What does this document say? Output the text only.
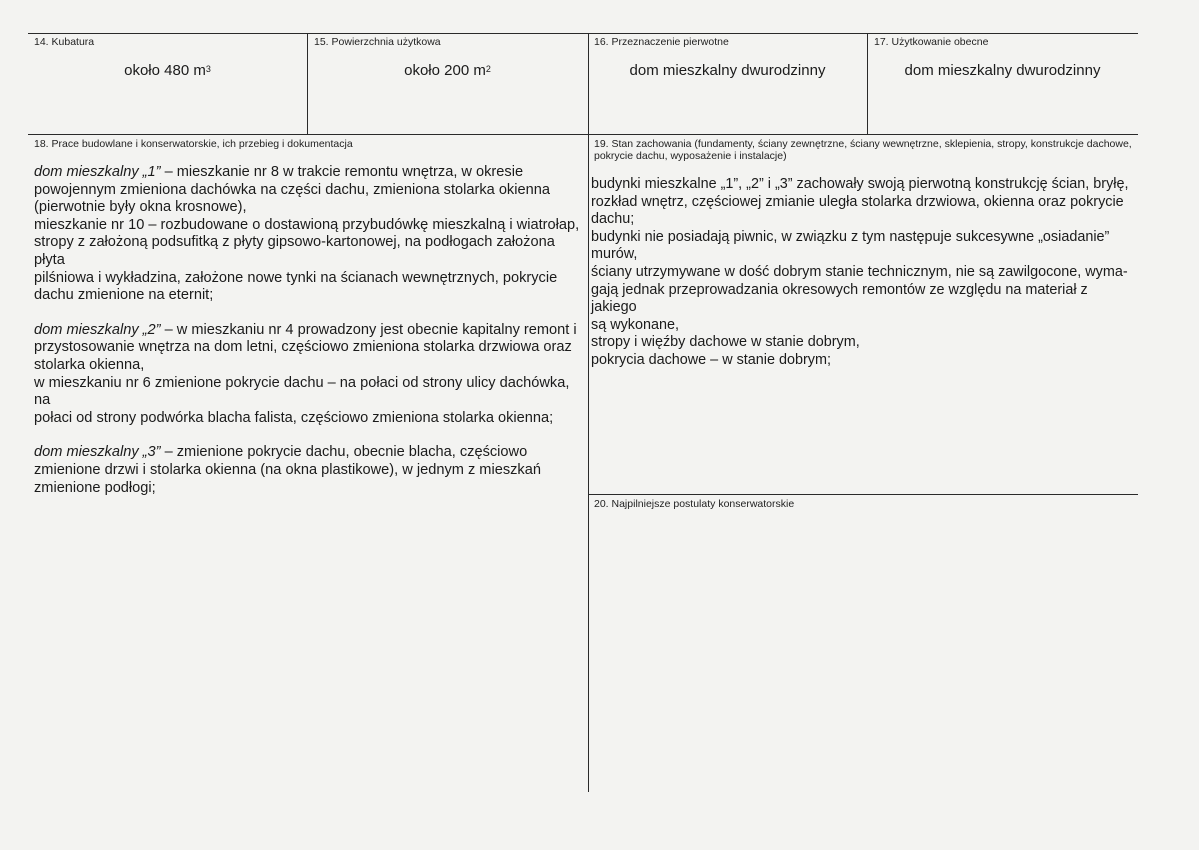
14. Kubatura
około 480 $m^3$
15. Powierzchnia użytkowa
około 200 $m^2$
16. Przeznaczenie pierwotne
dom mieszkalny dwurodzinny
17. Użytkowanie obecne
dom mieszkalny dwurodzinny
18. Prace budowlane i konserwatorskie, ich przebieg i dokumentacja

dom mieszkalny „1” – mieszkanie nr 8 w trakcie remontu wnętrza, w okresie
powojennym zmieniona dachówka na części dachu, zmieniona stolarka okienna
(pierwotnie były okna krosnowe),
mieszkanie nr 10 – rozbudowane o dostawioną przybudówkę mieszkalną i wiatrołap,
stropy z założoną podsufitką z płyty gipsowo-kartonowej, na podłogach założona płyta
pilśniowa i wykładzina, założone nowe tynki na ścianach wewnętrznych, pokrycie
dachu zmienione na eternit;

dom mieszkalny „2” – w mieszkaniu nr 4 prowadzony jest obecnie kapitalny remont i
przystosowanie wnętrza na dom letni, częściowo zmieniona stolarka drzwiowa oraz
stolarka okienna,
w mieszkaniu nr 6 zmienione pokrycie dachu – na połaci od strony ulicy dachówka, na
połaci od strony podwórka blacha falista, częściowo zmieniona stolarka okienna;

dom mieszkalny „3” – zmienione pokrycie dachu, obecnie blacha, częściowo
zmienione drzwi i stolarka okienna (na okna plastikowe), w jednym z mieszkań
zmienione podłogi;

19. Stan zachowania (fundamenty, ściany zewnętrzne, ściany wewnętrzne, sklepienia, stropy, konstrukcje dachowe, pokrycie dachu, wyposażenie i instalacje)
budynki mieszkalne „1”, „2” i „3” zachowały swoją pierwotną konstrukcję ścian, bryłę,
rozkład wnętrz, częściowej zmianie uległa stolarka drzwiowa, okienna oraz pokrycie
dachu;
budynki nie posiadają piwnic, w związku z tym następuje sukcesywne „osiadanie”
murów,
ściany utrzymywane w dość dobrym stanie technicznym, nie są zawilgocone, wyma-
gają jednak przeprowadzania okresowych remontów ze względu na materiał z jakiego
są wykonane,
stropy i więźby dachowe w stanie dobrym,
pokrycia dachowe – w stanie dobrym;
20. Najpilniejsze postulaty konserwatorskie
